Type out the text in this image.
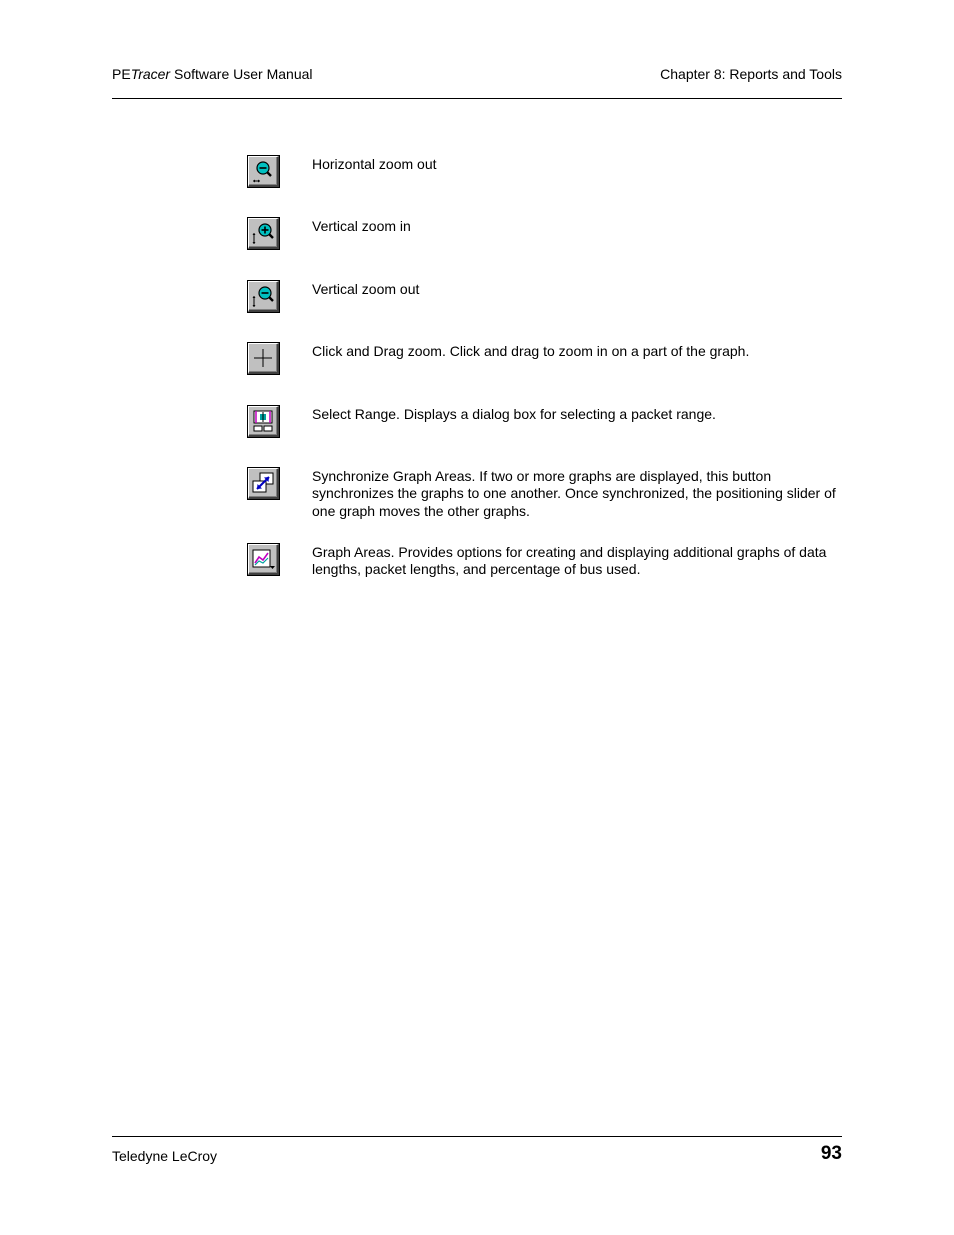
PETracer Software User Manual	Chapter 8: Reports and Tools
Horizontal zoom out
Vertical zoom in
Vertical zoom out
Click and Drag zoom. Click and drag to zoom in on a part of the graph.
Select Range. Displays a dialog box for selecting a packet range.
Synchronize Graph Areas. If two or more graphs are displayed, this button synchronizes the graphs to one another. Once synchronized, the positioning slider of one graph moves the other graphs.
Graph Areas. Provides options for creating and displaying additional graphs of data lengths, packet lengths, and percentage of bus used.
Teledyne LeCroy	93
